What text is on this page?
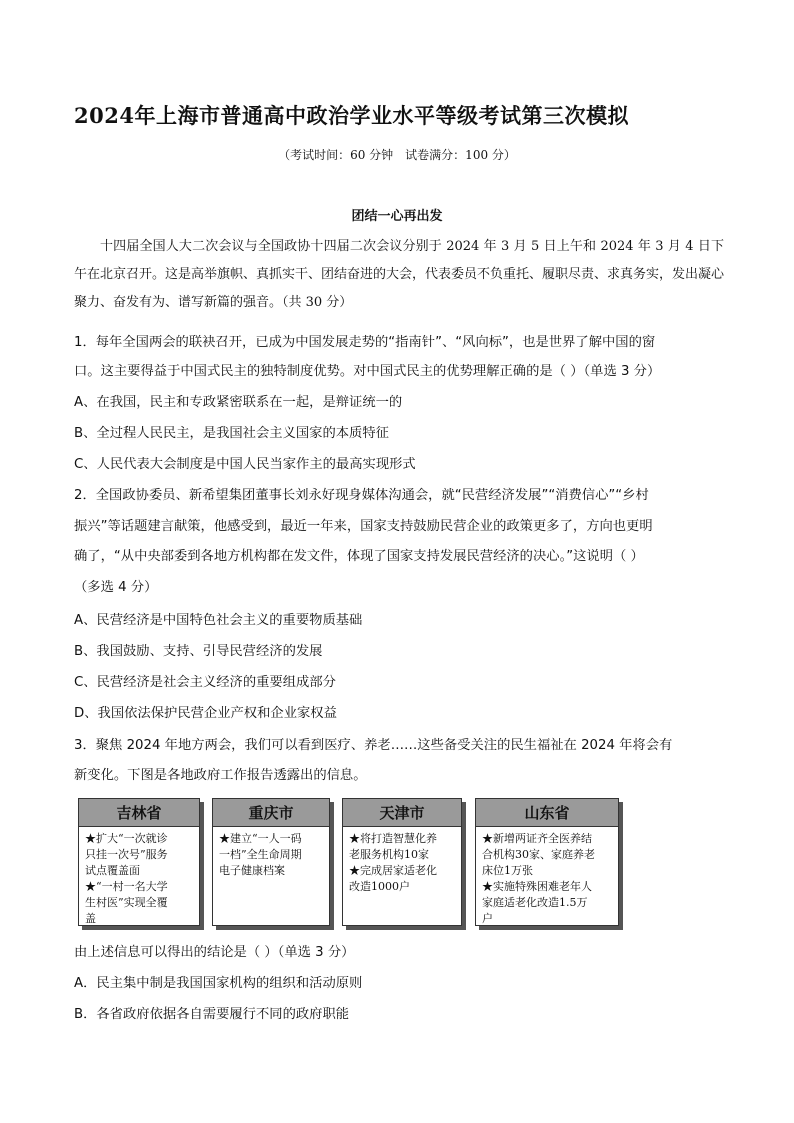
2024年上海市普通高中政治学业水平等级考试第三次模拟
（考试时间：60 分钟　试卷满分：100 分）
团结一心再出发
十四届全国人大二次会议与全国政协十四届二次会议分别于 2024 年 3 月 5 日上午和 2024 年 3 月 4 日下午在北京召开。这是高举旗帜、真抓实干、团结奋进的大会，代表委员不负重托、履职尽责、求真务实，发出凝心聚力、奋发有为、谱写新篇的强音。（共 30 分）
1．每年全国两会的联袂召开，已成为中国发展走势的“指南针”、“风向标”，也是世界了解中国的窗
口。这主要得益于中国式民主的独特制度优势。对中国式民主的优势理解正确的是（ ）（单选 3 分）
A、在我国，民主和专政紧密联系在一起，是辩证统一的
B、全过程人民民主，是我国社会主义国家的本质特征
C、人民代表大会制度是中国人民当家作主的最高实现形式
2．全国政协委员、新希望集团董事长刘永好现身媒体沟通会，就“民营经济发展”“消费信心”“乡村
振兴”等话题建言献策，他感受到，最近一年来，国家支持鼓励民营企业的政策更多了，方向也更明
确了，“从中央部委到各地方机构都在发文件，体现了国家支持发展民营经济的决心。”这说明（ ）
（多选 4 分）
A、民营经济是中国特色社会主义的重要物质基础
B、我国鼓励、支持、引导民营经济的发展
C、民营经济是社会主义经济的重要组成部分
D、我国依法保护民营企业产权和企业家权益
3．聚焦 2024 年地方两会，我们可以看到医疗、养老……这些备受关注的民生福祉在 2024 年将会有
新变化。下图是各地政府工作报告透露出的信息。
吉林省
★扩大“一次就诊
只挂一次号”服务
试点覆盖面
★“一村一名大学
生村医”实现全覆
盖
重庆市
★建立“一人一码
一档”全生命周期
电子健康档案
天津市
★将打造智慧化养
老服务机构10家
★完成居家适老化
改造1000户
山东省
★新增两证齐全医养结
合机构30家、家庭养老
床位1万张
★实施特殊困难老年人
家庭适老化改造1.5万
户
由上述信息可以得出的结论是（ ）（单选 3 分）
A．民主集中制是我国国家机构的组织和活动原则
B．各省政府依据各自需要履行不同的政府职能
